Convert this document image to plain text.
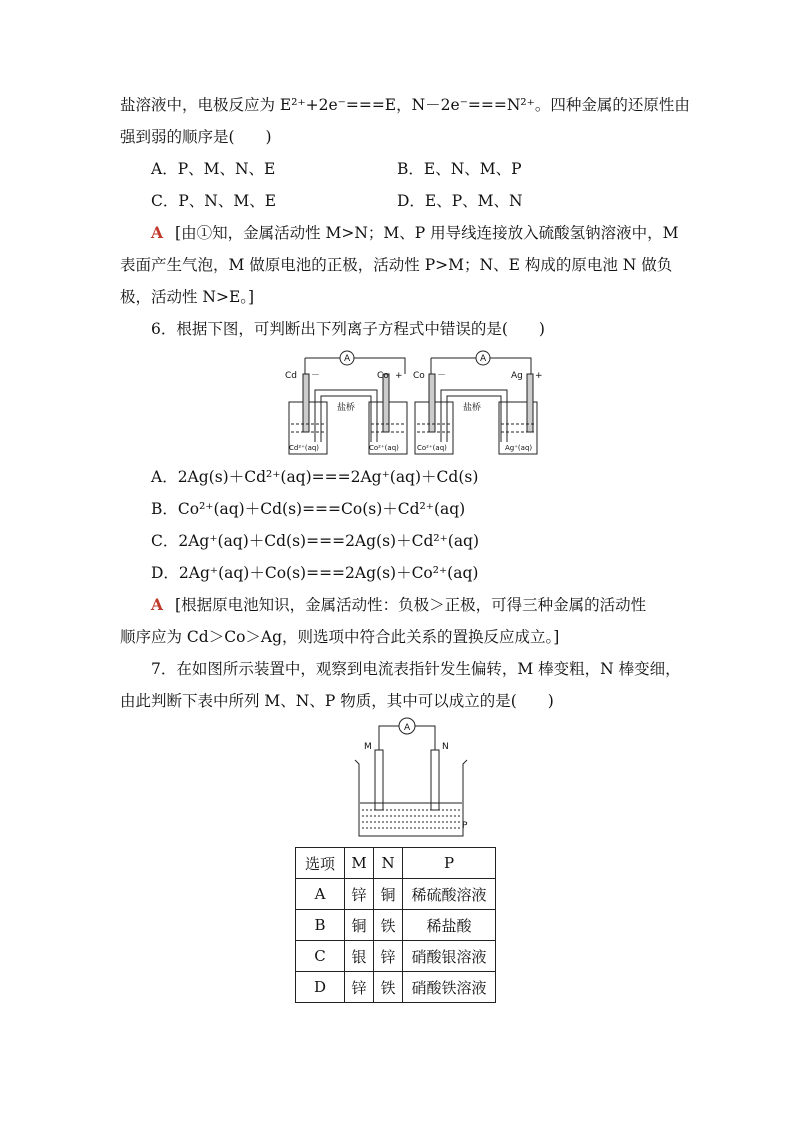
盐溶液中，电极反应为 E²⁺+2e⁻===E，N－2e⁻===N²⁺。四种金属的还原性由
强到弱的顺序是(　　)
A．P、M、N、E	B．E、N、M、P
C．P、N、M、E	D．E、P、M、N
A [由①知，金属活动性 M>N；M、P 用导线连接放入硫酸氢钠溶液中，M
表面产生气泡，M 做原电池的正极，活动性 P>M；N、E 构成的原电池 N 做负
极，活动性 N>E。]
6．根据下图，可判断出下列离子方程式中错误的是(　　)
A
Cd －	Co +
盐桥
Cd²⁺(aq)	Co²⁺(aq)
A
Co －	Ag +
盐桥
Co²⁺(aq)	Ag⁺(aq)
A．2Ag(s)＋Cd²⁺(aq)===2Ag⁺(aq)＋Cd(s)
B．Co²⁺(aq)＋Cd(s)===Co(s)＋Cd²⁺(aq)
C．2Ag⁺(aq)＋Cd(s)===2Ag(s)＋Cd²⁺(aq)
D．2Ag⁺(aq)＋Co(s)===2Ag(s)＋Co²⁺(aq)
A [根据原电池知识，金属活动性：负极＞正极，可得三种金属的活动性
顺序应为 Cd＞Co＞Ag，则选项中符合此关系的置换反应成立。]
7．在如图所示装置中，观察到电流表指针发生偏转，M 棒变粗，N 棒变细，
由此判断下表中所列 M、N、P 物质，其中可以成立的是(　　)
A
M	N
P
选项	M	N	P
A	锌	铜	稀硫酸溶液
B	铜	铁	稀盐酸
C	银	锌	硝酸银溶液
D	锌	铁	硝酸铁溶液
